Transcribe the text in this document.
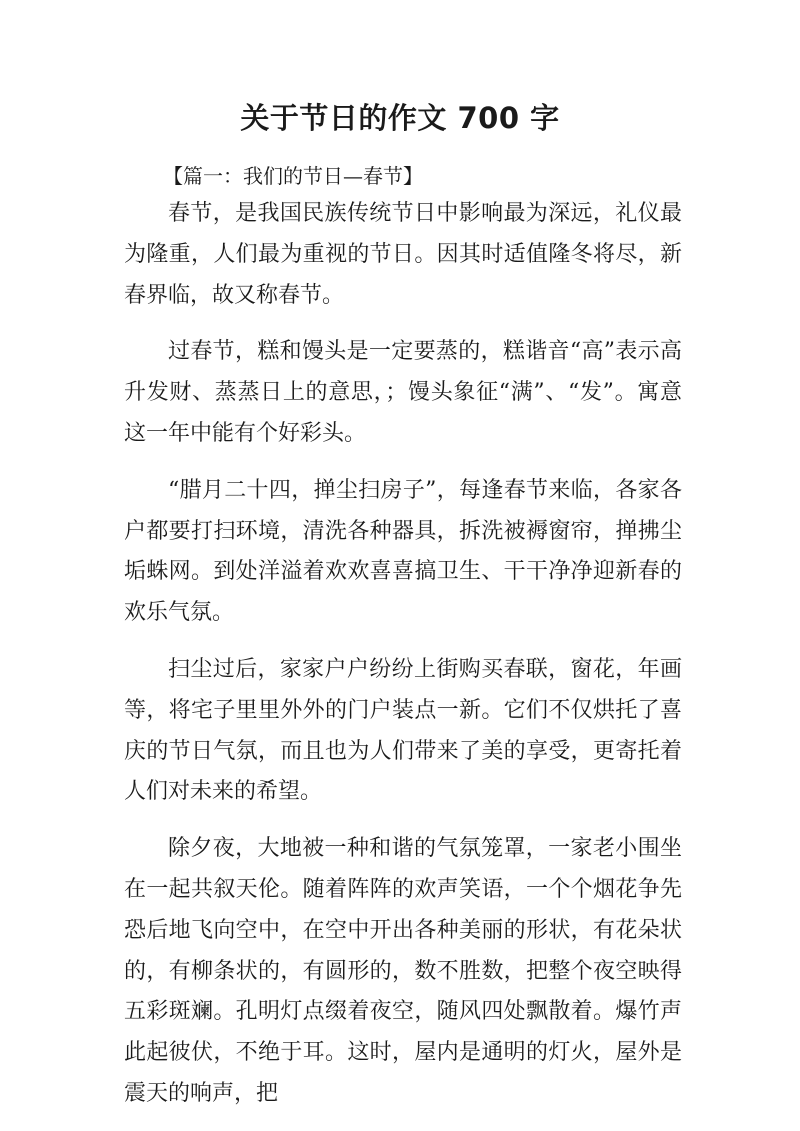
关于节日的作文 700 字
【篇一：我们的节日—春节】

春节，是我国民族传统节日中影响最为深远，礼仪最为隆重，人们最为重视的节日。因其时适值隆冬将尽，新春界临，故又称春节。

过春节，糕和馒头是一定要蒸的，糕谐音“高”表示高升发财、蒸蒸日上的意思，；馒头象征“满”、“发”。寓意这一年中能有个好彩头。

“腊月二十四，掸尘扫房子”，每逢春节来临，各家各户都要打扫环境，清洗各种器具，拆洗被褥窗帘，掸拂尘垢蛛网。到处洋溢着欢欢喜喜搞卫生、干干净净迎新春的欢乐气氛。

扫尘过后，家家户户纷纷上街购买春联，窗花，年画等，将宅子里里外外的门户装点一新。它们不仅烘托了喜庆的节日气氛，而且也为人们带来了美的享受，更寄托着人们对未来的希望。

除夕夜，大地被一种和谐的气氛笼罩，一家老小围坐在一起共叙天伦。随着阵阵的欢声笑语，一个个烟花争先恐后地飞向空中，在空中开出各种美丽的形状，有花朵状的，有柳条状的，有圆形的，数不胜数，把整个夜空映得五彩斑斓。孔明灯点缀着夜空，随风四处飘散着。爆竹声此起彼伏，不绝于耳。这时，屋内是通明的灯火，屋外是震天的响声，把
